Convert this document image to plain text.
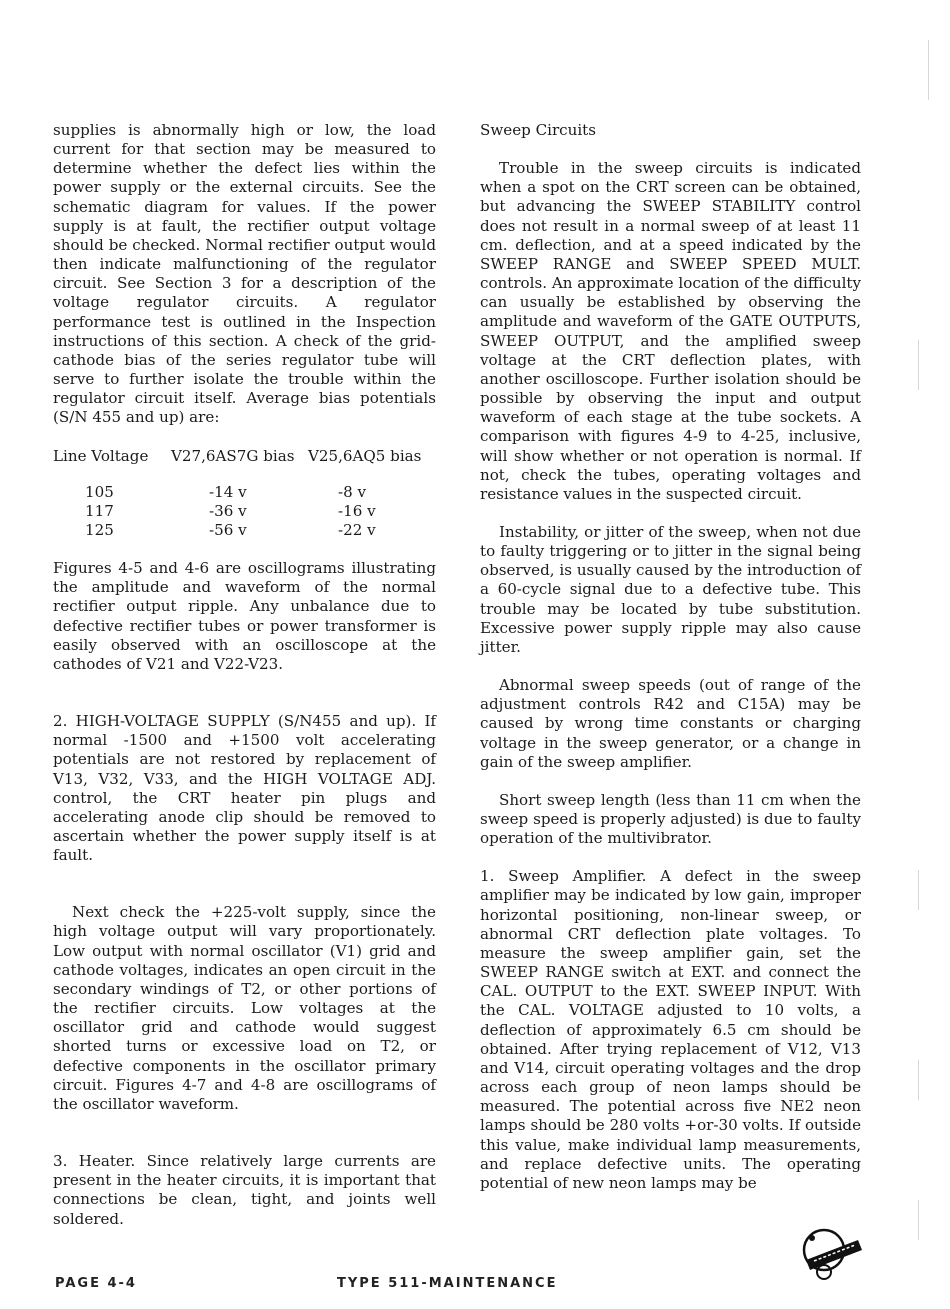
supplies is abnormally high or low, the load current for that section may be measured to determine whether the defect lies within the power supply or the external circuits. See the schematic diagram for values. If the power supply is at fault, the rectifier output voltage should be checked. Normal rectifier output would then indicate malfunctioning of the regulator circuit. See Section 3 for a description of the voltage regulator circuits. A regulator performance test is outlined in the Inspection instructions of this section. A check of the grid-cathode bias of the series regulator tube will serve to further isolate the trouble within the regulator circuit itself. Average bias potentials (S/N 455 and up) are:

Line Voltage	V27,6AS7G bias V25,6AQ5 bias
105	-14 v	-8 v
117	-36 v	-16 v
125	-56 v	-22 v

Figures 4-5 and 4-6 are oscillograms illustrating the amplitude and waveform of the normal rectifier output ripple. Any unbalance due to defective rectifier tubes or power transformer is easily observed with an oscilloscope at the cathodes of V21 and V22-V23.

2. HIGH-VOLTAGE SUPPLY (S/N455 and up). If normal -1500 and +1500 volt accelerating potentials are not restored by replacement of V13, V32, V33, and the HIGH VOLTAGE ADJ. control, the CRT heater pin plugs and accelerating anode clip should be removed to ascertain whether the power supply itself is at fault.

Next check the +225-volt supply, since the high voltage output will vary proportionately. Low output with normal oscillator (V1) grid and cathode voltages, indicates an open circuit in the secondary windings of T2, or other portions of the rectifier circuits. Low voltages at the oscillator grid and cathode would suggest shorted turns or excessive load on T2, or defective components in the oscillator primary circuit. Figures 4-7 and 4-8 are oscillograms of the oscillator waveform.

3. Heater. Since relatively large currents are present in the heater circuits, it is important that connections be clean, tight, and joints well soldered.

Sweep Circuits

Trouble in the sweep circuits is indicated when a spot on the CRT screen can be obtained, but advancing the SWEEP STABILITY control does not result in a normal sweep of at least 11 cm. deflection, and at a speed indicated by the SWEEP RANGE and SWEEP SPEED MULT. controls. An approximate location of the difficulty can usually be established by observing the amplitude and waveform of the GATE OUTPUTS, SWEEP OUTPUT, and the amplified sweep voltage at the CRT deflection plates, with another oscilloscope. Further isolation should be possible by observing the input and output waveform of each stage at the tube sockets. A comparison with figures 4-9 to 4-25, inclusive, will show whether or not operation is normal. If not, check the tubes, operating voltages and resistance values in the suspected circuit.

Instability, or jitter of the sweep, when not due to faulty triggering or to jitter in the signal being observed, is usually caused by the introduction of a 60-cycle signal due to a defective tube. This trouble may be located by tube substitution. Excessive power supply ripple may also cause jitter.

Abnormal sweep speeds (out of range of the adjustment controls R42 and C15A) may be caused by wrong time constants or charging voltage in the sweep generator, or a change in gain of the sweep amplifier.

Short sweep length (less than 11 cm when the sweep speed is properly adjusted) is due to faulty operation of the multivibrator.

1. Sweep Amplifier. A defect in the sweep amplifier may be indicated by low gain, improper horizontal positioning, non-linear sweep, or abnormal CRT deflection plate voltages. To measure the sweep amplifier gain, set the SWEEP RANGE switch at EXT. and connect the CAL. OUTPUT to the EXT. SWEEP INPUT. With the CAL. VOLTAGE adjusted to 10 volts, a deflection of approximately 6.5 cm should be obtained. After trying replacement of V12, V13 and V14, circuit operating voltages and the drop across each group of neon lamps should be measured. The potential across five NE2 neon lamps should be 280 volts +or-30 volts. If outside this value, make individual lamp measurements, and replace defective units. The operating potential of new neon lamps may be

PAGE 4-4	TYPE 511-MAINTENANCE
